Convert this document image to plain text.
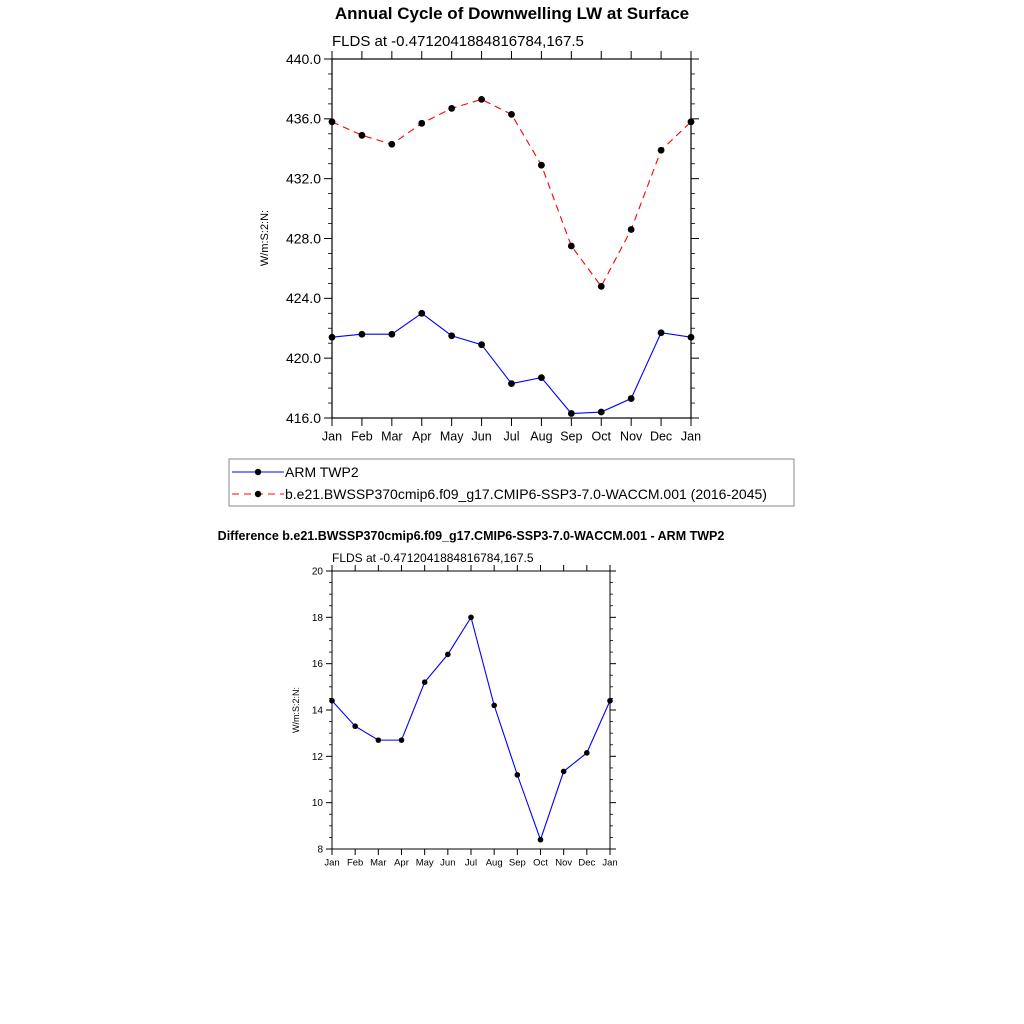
Annual Cycle of Downwelling LW at Surface
FLDS at -0.4712041884816784,167.5
W/m:S:2:N:
416.0
420.0
424.0
428.0
432.0
436.0
440.0
Jan Feb Mar Apr May Jun Jul Aug Sep Oct Nov Dec Jan
ARM TWP2
b.e21.BWSSP370cmip6.f09_g17.CMIP6-SSP3-7.0-WACCM.001 (2016-2045)
Difference b.e21.BWSSP370cmip6.f09_g17.CMIP6-SSP3-7.0-WACCM.001 - ARM TWP2
FLDS at -0.4712041884816784,167.5
W/m:S:2:N:
8
10
12
14
16
18
20
Jan Feb Mar Apr May Jun Jul Aug Sep Oct Nov Dec Jan
